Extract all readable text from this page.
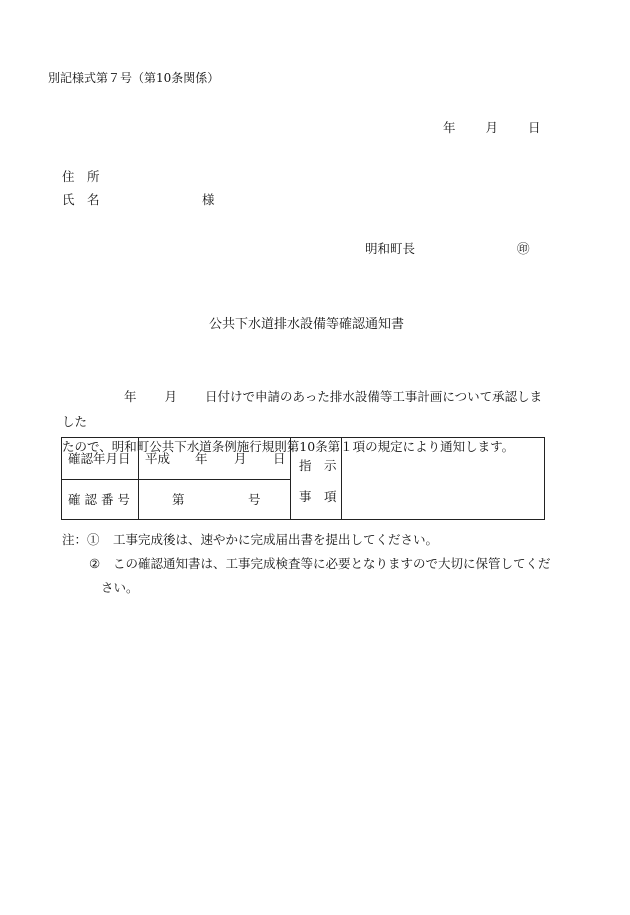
別記様式第７号（第10条関係）
年 月 日
住　所
氏　名	様
明和町長	㊞
公共下水道排水設備等確認通知書
年 月 日付けで申請のあった排水設備等工事計画について承認しました
たので、明和町公共下水道条例施行規則第10条第１項の規定により通知します。
確認年月日 平成 年 月 日
確 認 番 号	第	号
指　示
事　項
注：① 工事完成後は、速やかに完成届出書を提出してください。
② この確認通知書は、工事完成検査等に必要となりますので大切に保管してくだ
さい。
